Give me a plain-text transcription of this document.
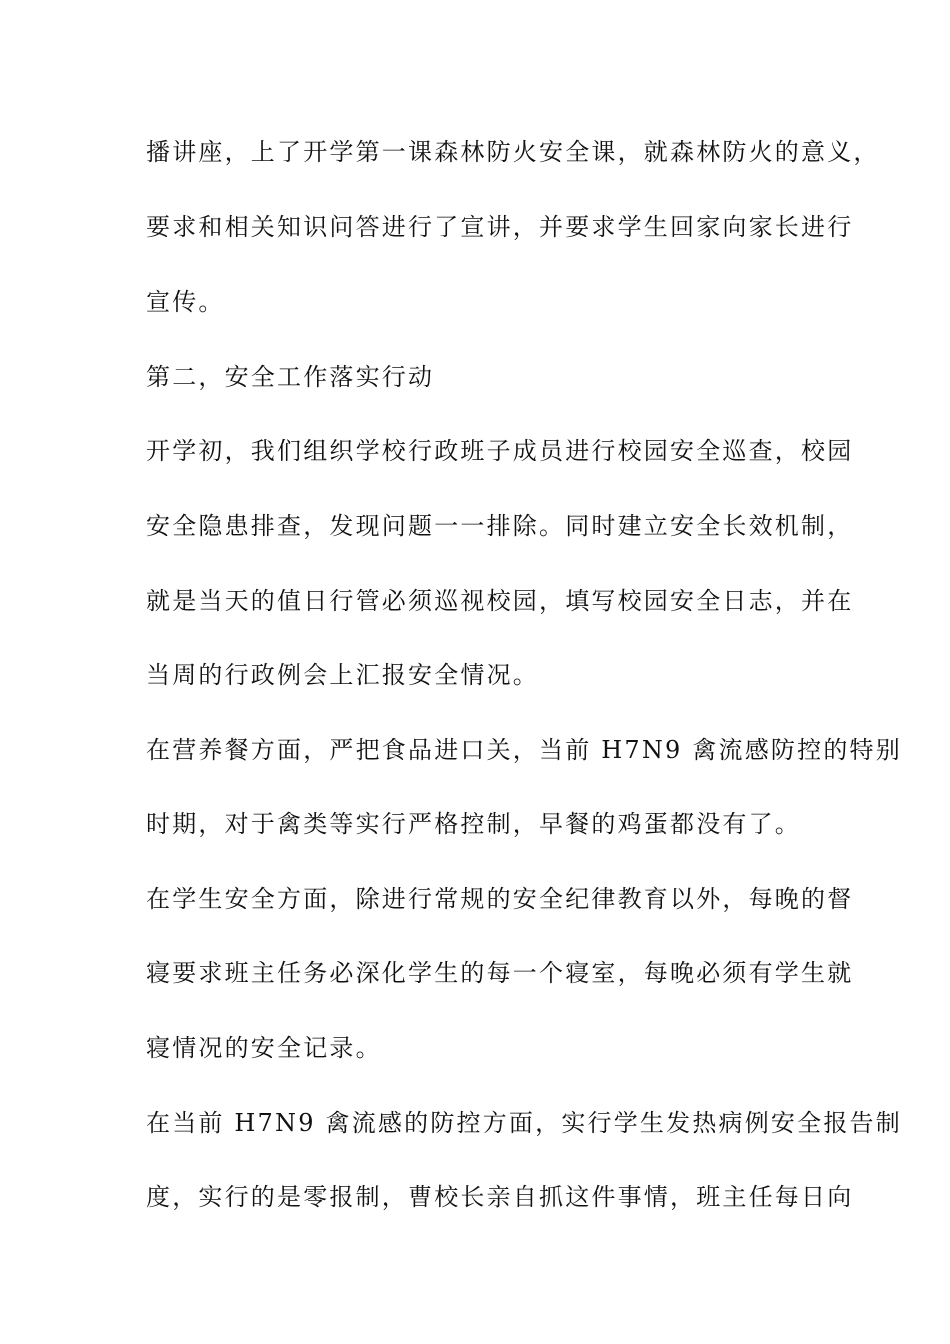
播讲座，上了开学第一课森林防火安全课，就森林防火的意义，
要求和相关知识问答进行了宣讲，并要求学生回家向家长进行
宣传。
第二，安全工作落实行动
开学初，我们组织学校行政班子成员进行校园安全巡查，校园
安全隐患排查，发现问题一一排除。同时建立安全长效机制，
就是当天的值日行管必须巡视校园，填写校园安全日志，并在
当周的行政例会上汇报安全情况。
在营养餐方面，严把食品进口关，当前 H7N9 禽流感防控的特别
时期，对于禽类等实行严格控制，早餐的鸡蛋都没有了。
在学生安全方面，除进行常规的安全纪律教育以外，每晚的督
寝要求班主任务必深化学生的每一个寝室，每晚必须有学生就
寝情况的安全记录。
在当前 H7N9 禽流感的防控方面，实行学生发热病例安全报告制
度，实行的是零报制，曹校长亲自抓这件事情，班主任每日向
